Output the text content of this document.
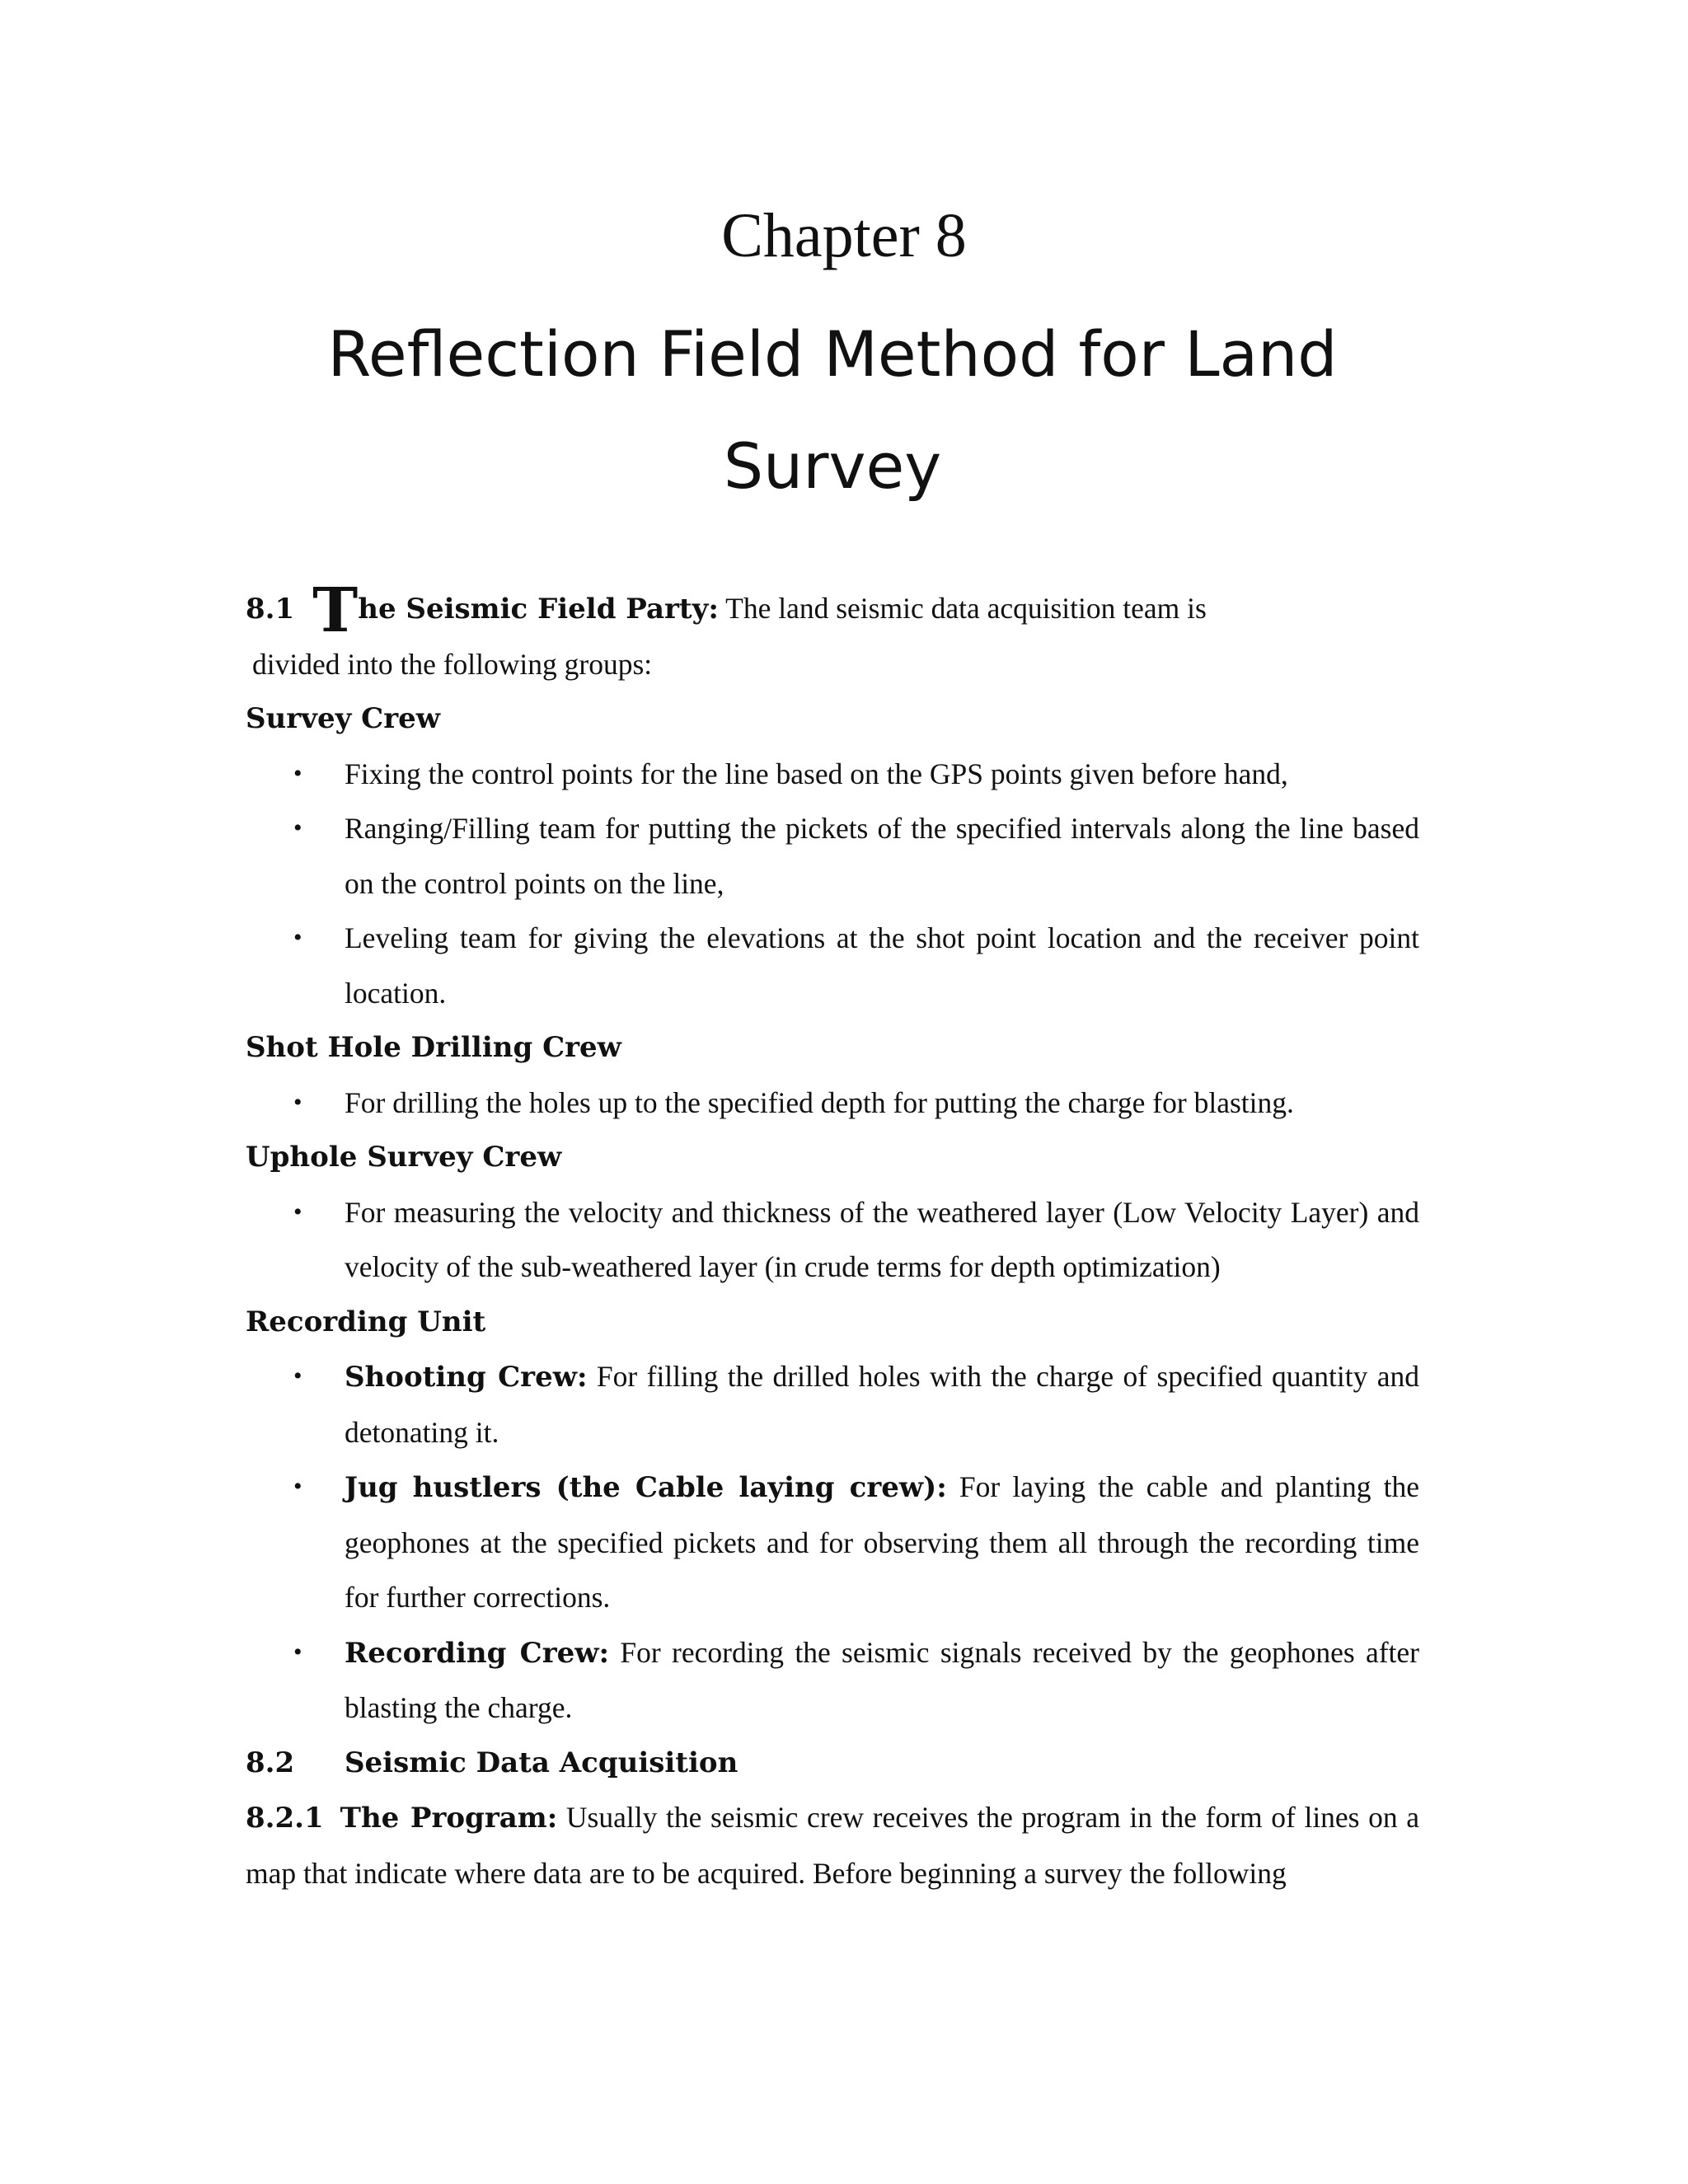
Chapter 8
Reflection Field Method for Land Survey
8.1 The Seismic Field Party: The land seismic data acquisition team is
divided into the following groups:
Survey Crew
• Fixing the control points for the line based on the GPS points given before hand,
• Ranging/Filling team for putting the pickets of the specified intervals along the line based on the control points on the line,
• Leveling team for giving the elevations at the shot point location and the receiver point location.
Shot Hole Drilling Crew
• For drilling the holes up to the specified depth for putting the charge for blasting.
Uphole Survey Crew
• For measuring the velocity and thickness of the weathered layer (Low Velocity Layer) and velocity of the sub-weathered layer (in crude terms for depth optimization)
Recording Unit
• Shooting Crew: For filling the drilled holes with the charge of specified quantity and detonating it.
• Jug hustlers (the Cable laying crew): For laying the cable and planting the geophones at the specified pickets and for observing them all through the recording time for further corrections.
• Recording Crew: For recording the seismic signals received by the geophones after blasting the charge.
8.2 Seismic Data Acquisition
8.2.1 The Program: Usually the seismic crew receives the program in the form of lines on a map that indicate where data are to be acquired. Before beginning a survey the following
